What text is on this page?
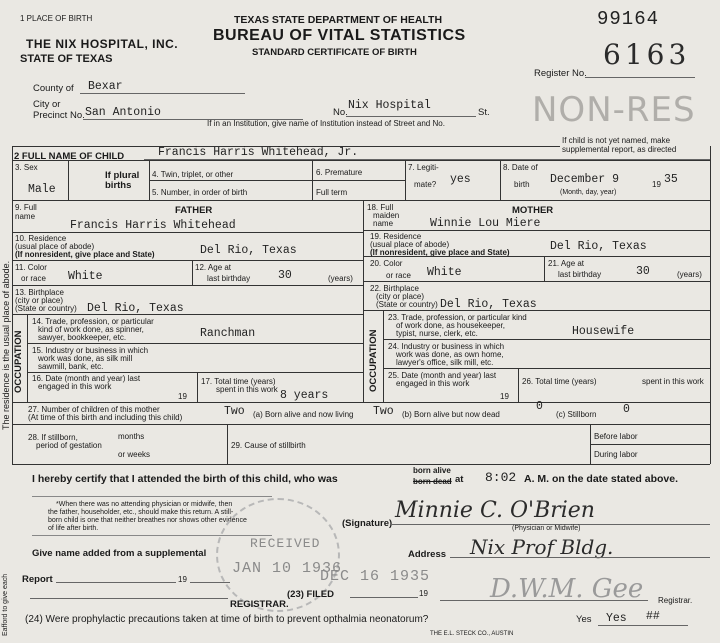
The residence is the usual place of abode.
Eafford to give each
1 PLACE OF BIRTH
THE NIX HOSPITAL, INC.
STATE OF TEXAS
TEXAS STATE DEPARTMENT OF HEALTH
BUREAU OF VITAL STATISTICS
STANDARD CERTIFICATE OF BIRTH
99164
Register No.
6163
NON-RES
County of Bexar
City or
Precinct No. San Antonio	No.
Nix Hospital
St.
If in an Institution, give name of Institution instead of Street and No.
If child is not yet named, make
supplemental report, as directed
2 FULL NAME OF CHILD	Francis Harris Whitehead, Jr.
3. Sex
Male
If plural
births
4. Twin, triplet, or other
5. Number, in order of birth
6. Premature
Full term
7. Legiti-
mate? yes
8. Date of
birth December 9	19 35
(Month, day, year)
9. Full
name
FATHER
Francis Harris Whitehead
10. Residence
(usual place of abode)
(If nonresident, give place and State)	Del Rio, Texas
11. Color
or race White
12. Age at
last birthday 30	(years)
13. Birthplace
(city or place)
(State or country) Del Rio, Texas
OCCUPATION
14. Trade, profession, or particular
kind of work done, as spinner,
sawyer, bookkeeper, etc.	Ranchman
15. Industry or business in which
work was done, as silk mill
sawmill, bank, etc.
16. Date (month and year) last
engaged in this work
19
17. Total time (years)
spent in this work 8 years
18. Full
maiden
name
MOTHER
Winnie Lou Miere
19. Residence
(usual place of abode)
(If nonresident, give place and State)	Del Rio, Texas
20. Color
or race White
21. Age at
last birthday	30	(years)
22. Birthplace
(city or place)
(State or country) Del Rio, Texas
OCCUPATION
23. Trade, profession, or particular kind
of work done, as housekeeper,
typist, nurse, clerk, etc.	Housewife
24. Industry or business in which
work was done, as own home,
lawyer's office, silk mill, etc.
25. Date (month and year) last
engaged in this work
19
26. Total time (years)	spent in this work
27. Number of children of this mother
(At time of this birth and including this child)	Two (a) Born alive and now living Two (b) Born alive but now dead
0
(c) Stillborn 0
28. If stillborn,
period of gestation
months
or weeks
29. Cause of stillbirth
Before labor
During labor
I hereby certify that I attended the birth of this child, who was
born alive
born dead at 8:02 A. M. on the date stated above.
*When there was no attending physician or midwife, then
the father, householder, etc., should make this return. A still-
born child is one that neither breathes nor shows other evidence
of life after birth.
RECEIVED
JAN 10 1936
DEC 16 1935
(Signature)
Minnie C. O'Brien
(Physician or Midwife)
Give name added from a supplemental	Address Nix Prof Bldg.
Report	19
(23) FILED	19
REGISTRAR.
D.W.M. Gee Registrar.
(24) Were prophylactic precautions taken at time of birth to prevent opthalmia neonatorum?	Yes Yes ##
THE E.L. STECK CO., AUSTIN
